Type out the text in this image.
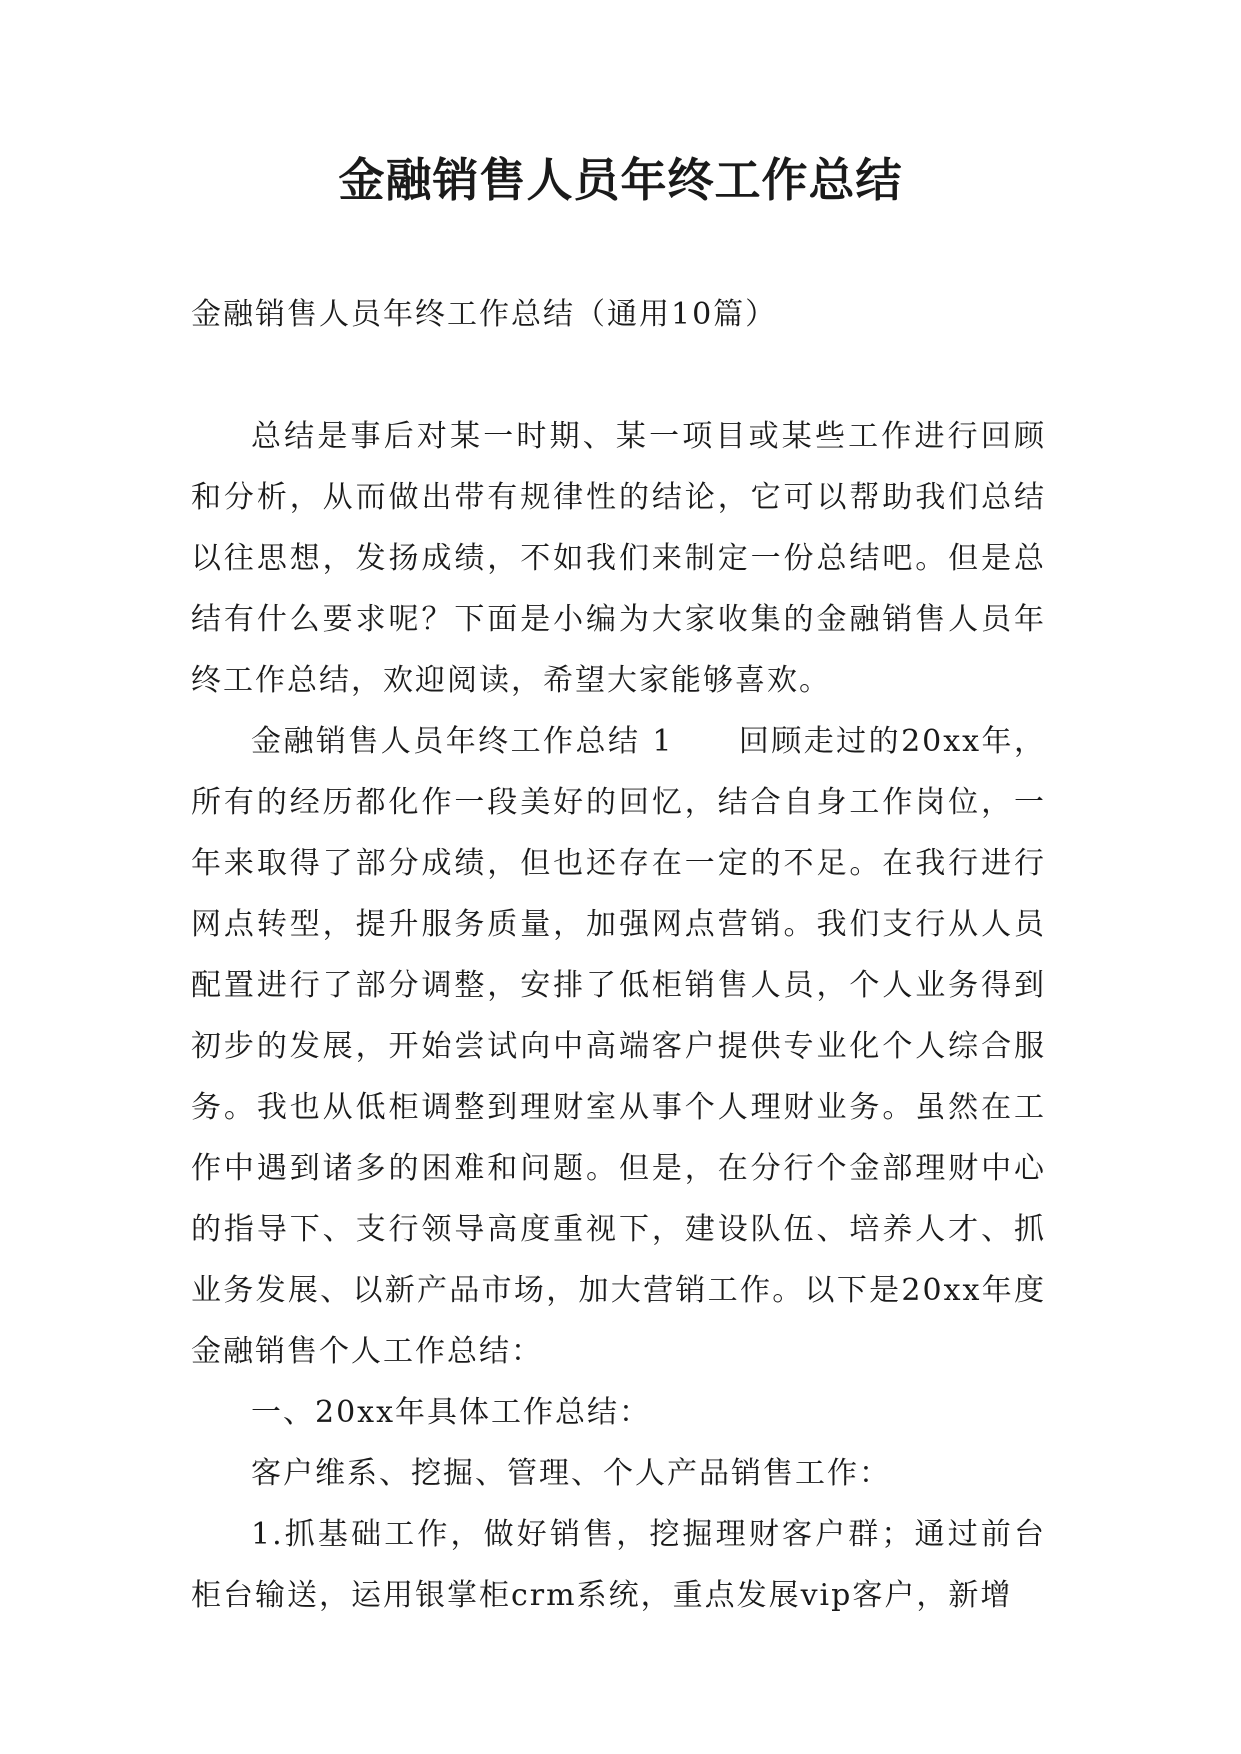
金融销售人员年终工作总结
金融销售人员年终工作总结（通用10篇）

总结是事后对某一时期、某一项目或某些工作进行回顾和分析，从而做出带有规律性的结论，它可以帮助我们总结以往思想，发扬成绩，不如我们来制定一份总结吧。但是总结有什么要求呢？下面是小编为大家收集的金融销售人员年终工作总结，欢迎阅读，希望大家能够喜欢。

金融销售人员年终工作总结 1　　回顾走过的20xx年，所有的经历都化作一段美好的回忆，结合自身工作岗位，一年来取得了部分成绩，但也还存在一定的不足。在我行进行网点转型，提升服务质量，加强网点营销。我们支行从人员配置进行了部分调整，安排了低柜销售人员，个人业务得到初步的发展，开始尝试向中高端客户提供专业化个人综合服务。我也从低柜调整到理财室从事个人理财业务。虽然在工作中遇到诸多的困难和问题。但是，在分行个金部理财中心的指导下、支行领导高度重视下，建设队伍、培养人才、抓业务发展、以新产品市场，加大营销工作。以下是20xx年度金融销售个人工作总结：

一、20xx年具体工作总结：

客户维系、挖掘、管理、个人产品销售工作：

1.抓基础工作，做好销售，挖掘理财客户群；通过前台柜台输送，运用银掌柜crm系统，重点发展vip客户，新增
